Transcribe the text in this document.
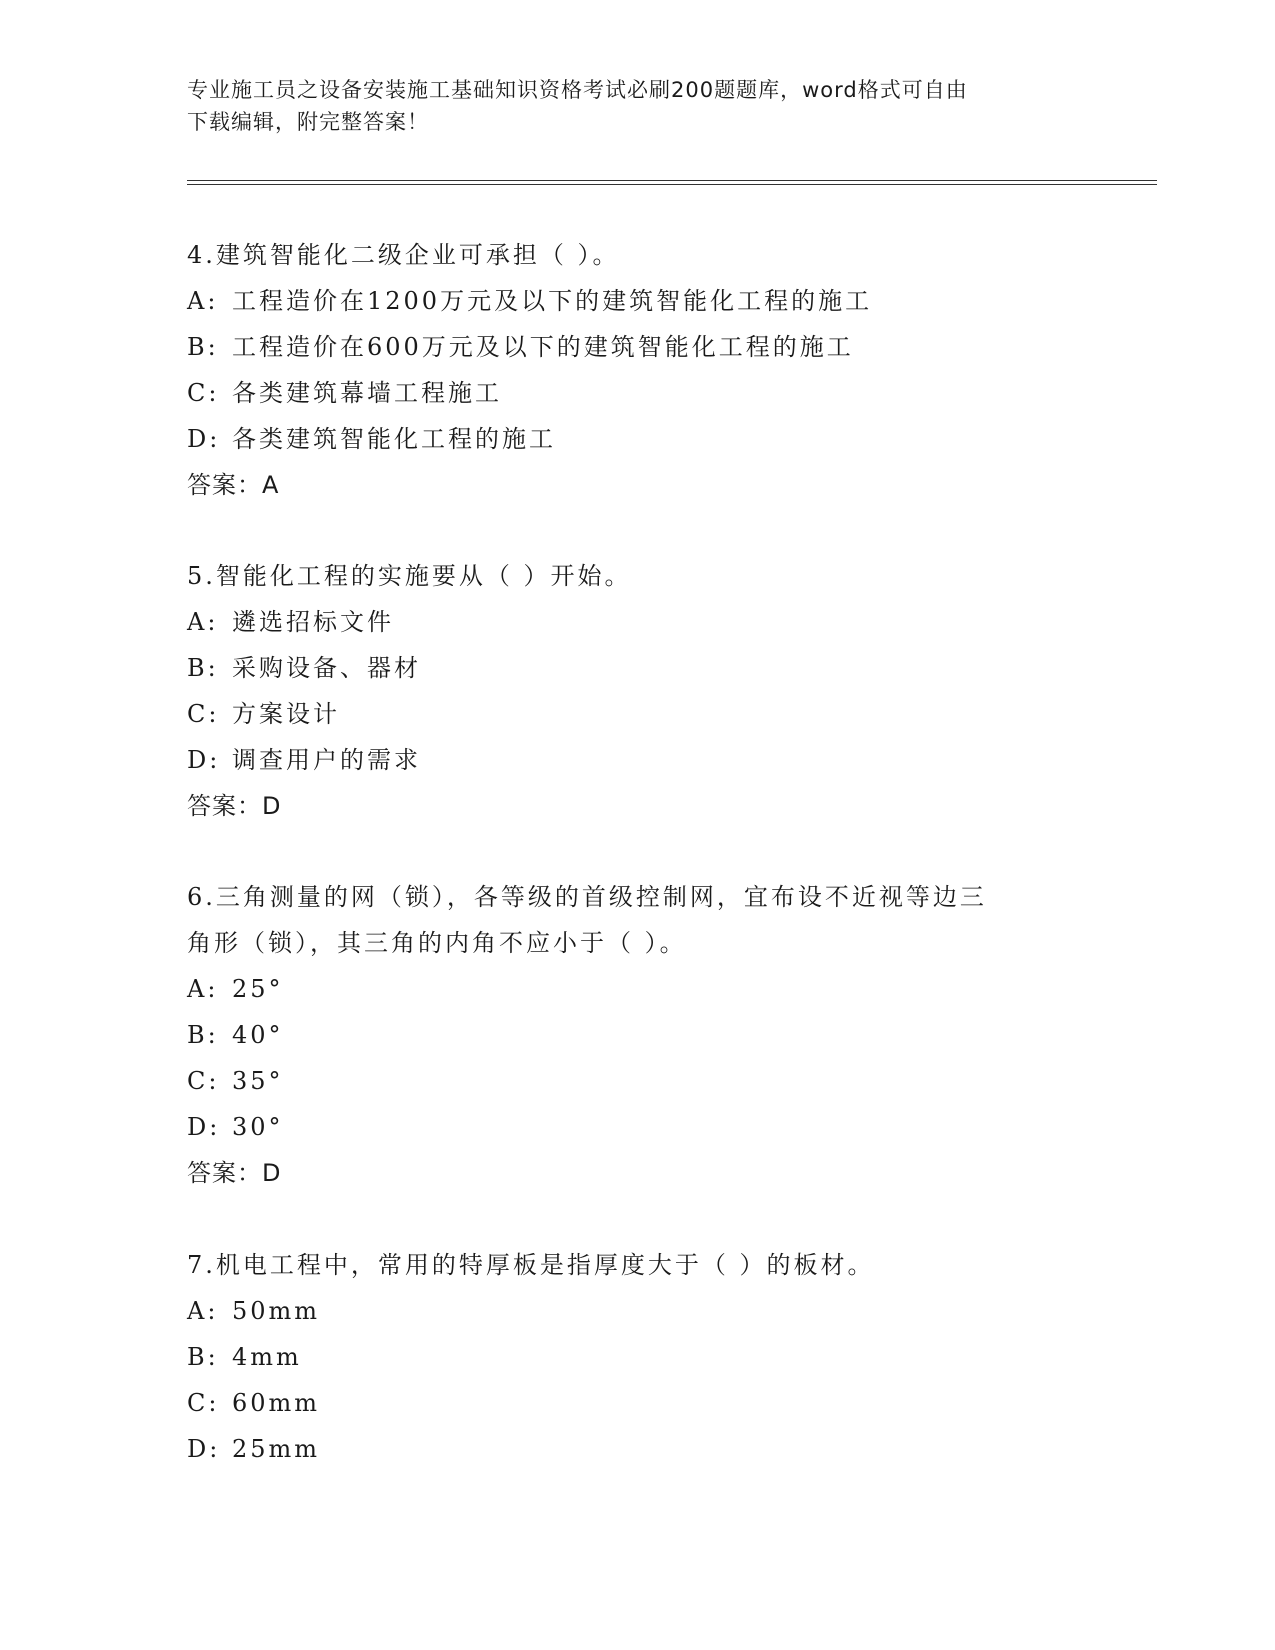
专业施工员之设备安装施工基础知识资格考试必刷200题题库，word格式可自由
下载编辑，附完整答案！
4.建筑智能化二级企业可承担（ ）。
A: 工程造价在1200万元及以下的建筑智能化工程的施工
B: 工程造价在600万元及以下的建筑智能化工程的施工
C: 各类建筑幕墙工程施工
D: 各类建筑智能化工程的施工
答案：A
5.智能化工程的实施要从（ ）开始。
A: 遴选招标文件
B: 采购设备、器材
C: 方案设计
D: 调查用户的需求
答案：D
6.三角测量的网（锁），各等级的首级控制网，宜布设不近视等边三
角形（锁），其三角的内角不应小于（ ）。
A: 25°
B: 40°
C: 35°
D: 30°
答案：D
7.机电工程中，常用的特厚板是指厚度大于（ ）的板材。
A: 50mm
B: 4mm
C: 60mm
D: 25mm
